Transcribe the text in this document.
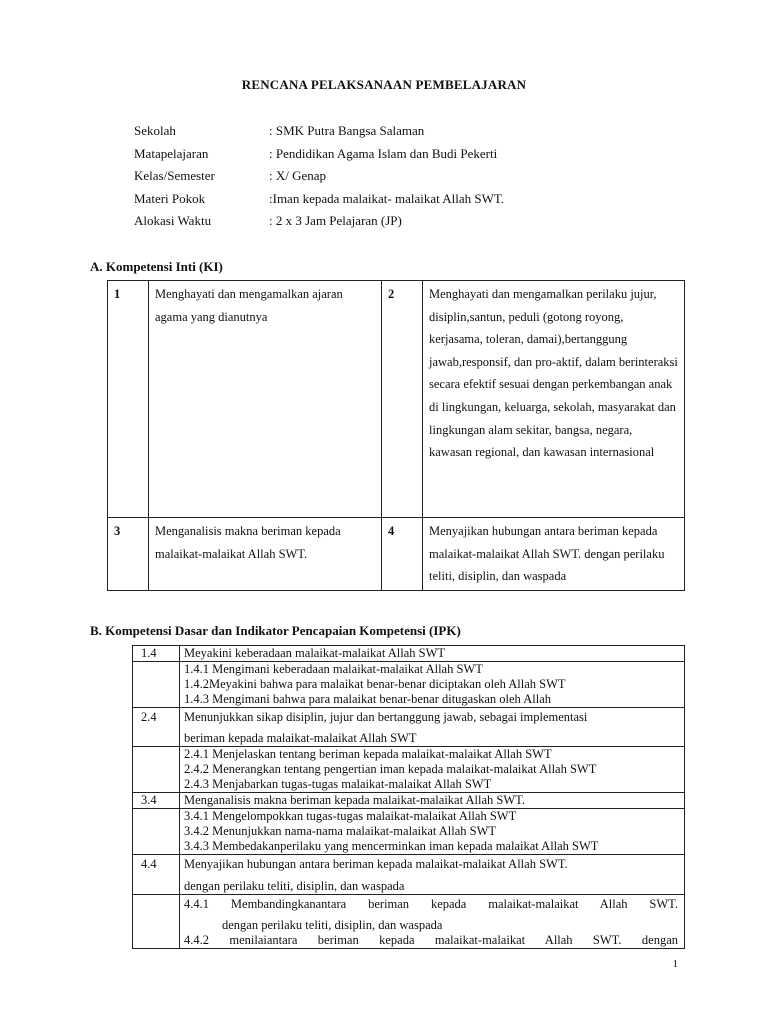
RENCANA PELAKSANAAN PEMBELAJARAN
Sekolah	: SMK Putra Bangsa Salaman
Matapelajaran	: Pendidikan Agama Islam dan Budi Pekerti
Kelas/Semester	: X/ Genap
Materi Pokok	:Iman kepada malaikat- malaikat Allah SWT.
Alokasi Waktu	: 2 x 3 Jam Pelajaran (JP)
A. Kompetensi Inti (KI)
1	Menghayati dan mengamalkan ajaran agama yang dianutnya	2	Menghayati dan mengamalkan perilaku jujur, disiplin,santun, peduli (gotong royong, kerjasama, toleran, damai),bertanggung jawab,responsif, dan pro-aktif, dalam berinteraksi secara efektif sesuai dengan perkembangan anak di lingkungan, keluarga, sekolah, masyarakat dan lingkungan alam sekitar, bangsa, negara, kawasan regional, dan kawasan internasional
3	Menganalisis makna beriman kepada malaikat-malaikat Allah SWT.	4	Menyajikan hubungan antara beriman kepada malaikat-malaikat Allah SWT. dengan perilaku teliti, disiplin, dan waspada
B. Kompetensi Dasar dan Indikator Pencapaian Kompetensi (IPK)
1.4	Meyakini keberadaan malaikat-malaikat Allah SWT

	1.4.1 Mengimani keberadaan malaikat-malaikat Allah SWT
1.4.2Meyakini bahwa para malaikat benar-benar diciptakan oleh Allah SWT
1.4.3 Mengimani bahwa para malaikat benar-benar ditugaskan oleh Allah

2.4	Menunjukkan sikap disiplin, jujur dan bertanggung jawab, sebagai implementasi
beriman kepada malaikat-malaikat Allah SWT

	2.4.1 Menjelaskan tentang beriman kepada malaikat-malaikat Allah SWT
2.4.2 Menerangkan tentang pengertian iman kepada malaikat-malaikat Allah SWT
2.4.3 Menjabarkan tugas-tugas malaikat-malaikat Allah SWT

3.4	Menganalisis makna beriman kepada malaikat-malaikat Allah SWT.

	3.4.1 Mengelompokkan tugas-tugas malaikat-malaikat Allah SWT
3.4.2 Menunjukkan nama-nama malaikat-malaikat Allah SWT
3.4.3 Membedakanperilaku yang mencerminkan iman kepada malaikat Allah SWT

4.4	Menyajikan hubungan antara beriman kepada malaikat-malaikat Allah SWT.
dengan perilaku teliti, disiplin, dan waspada

	4.4.1 Membandingkanantara beriman kepada malaikat-malaikat Allah SWT.
dengan perilaku teliti, disiplin, dan waspada
4.4.2 menilaiantara beriman kepada malaikat-malaikat Allah SWT. dengan
1
